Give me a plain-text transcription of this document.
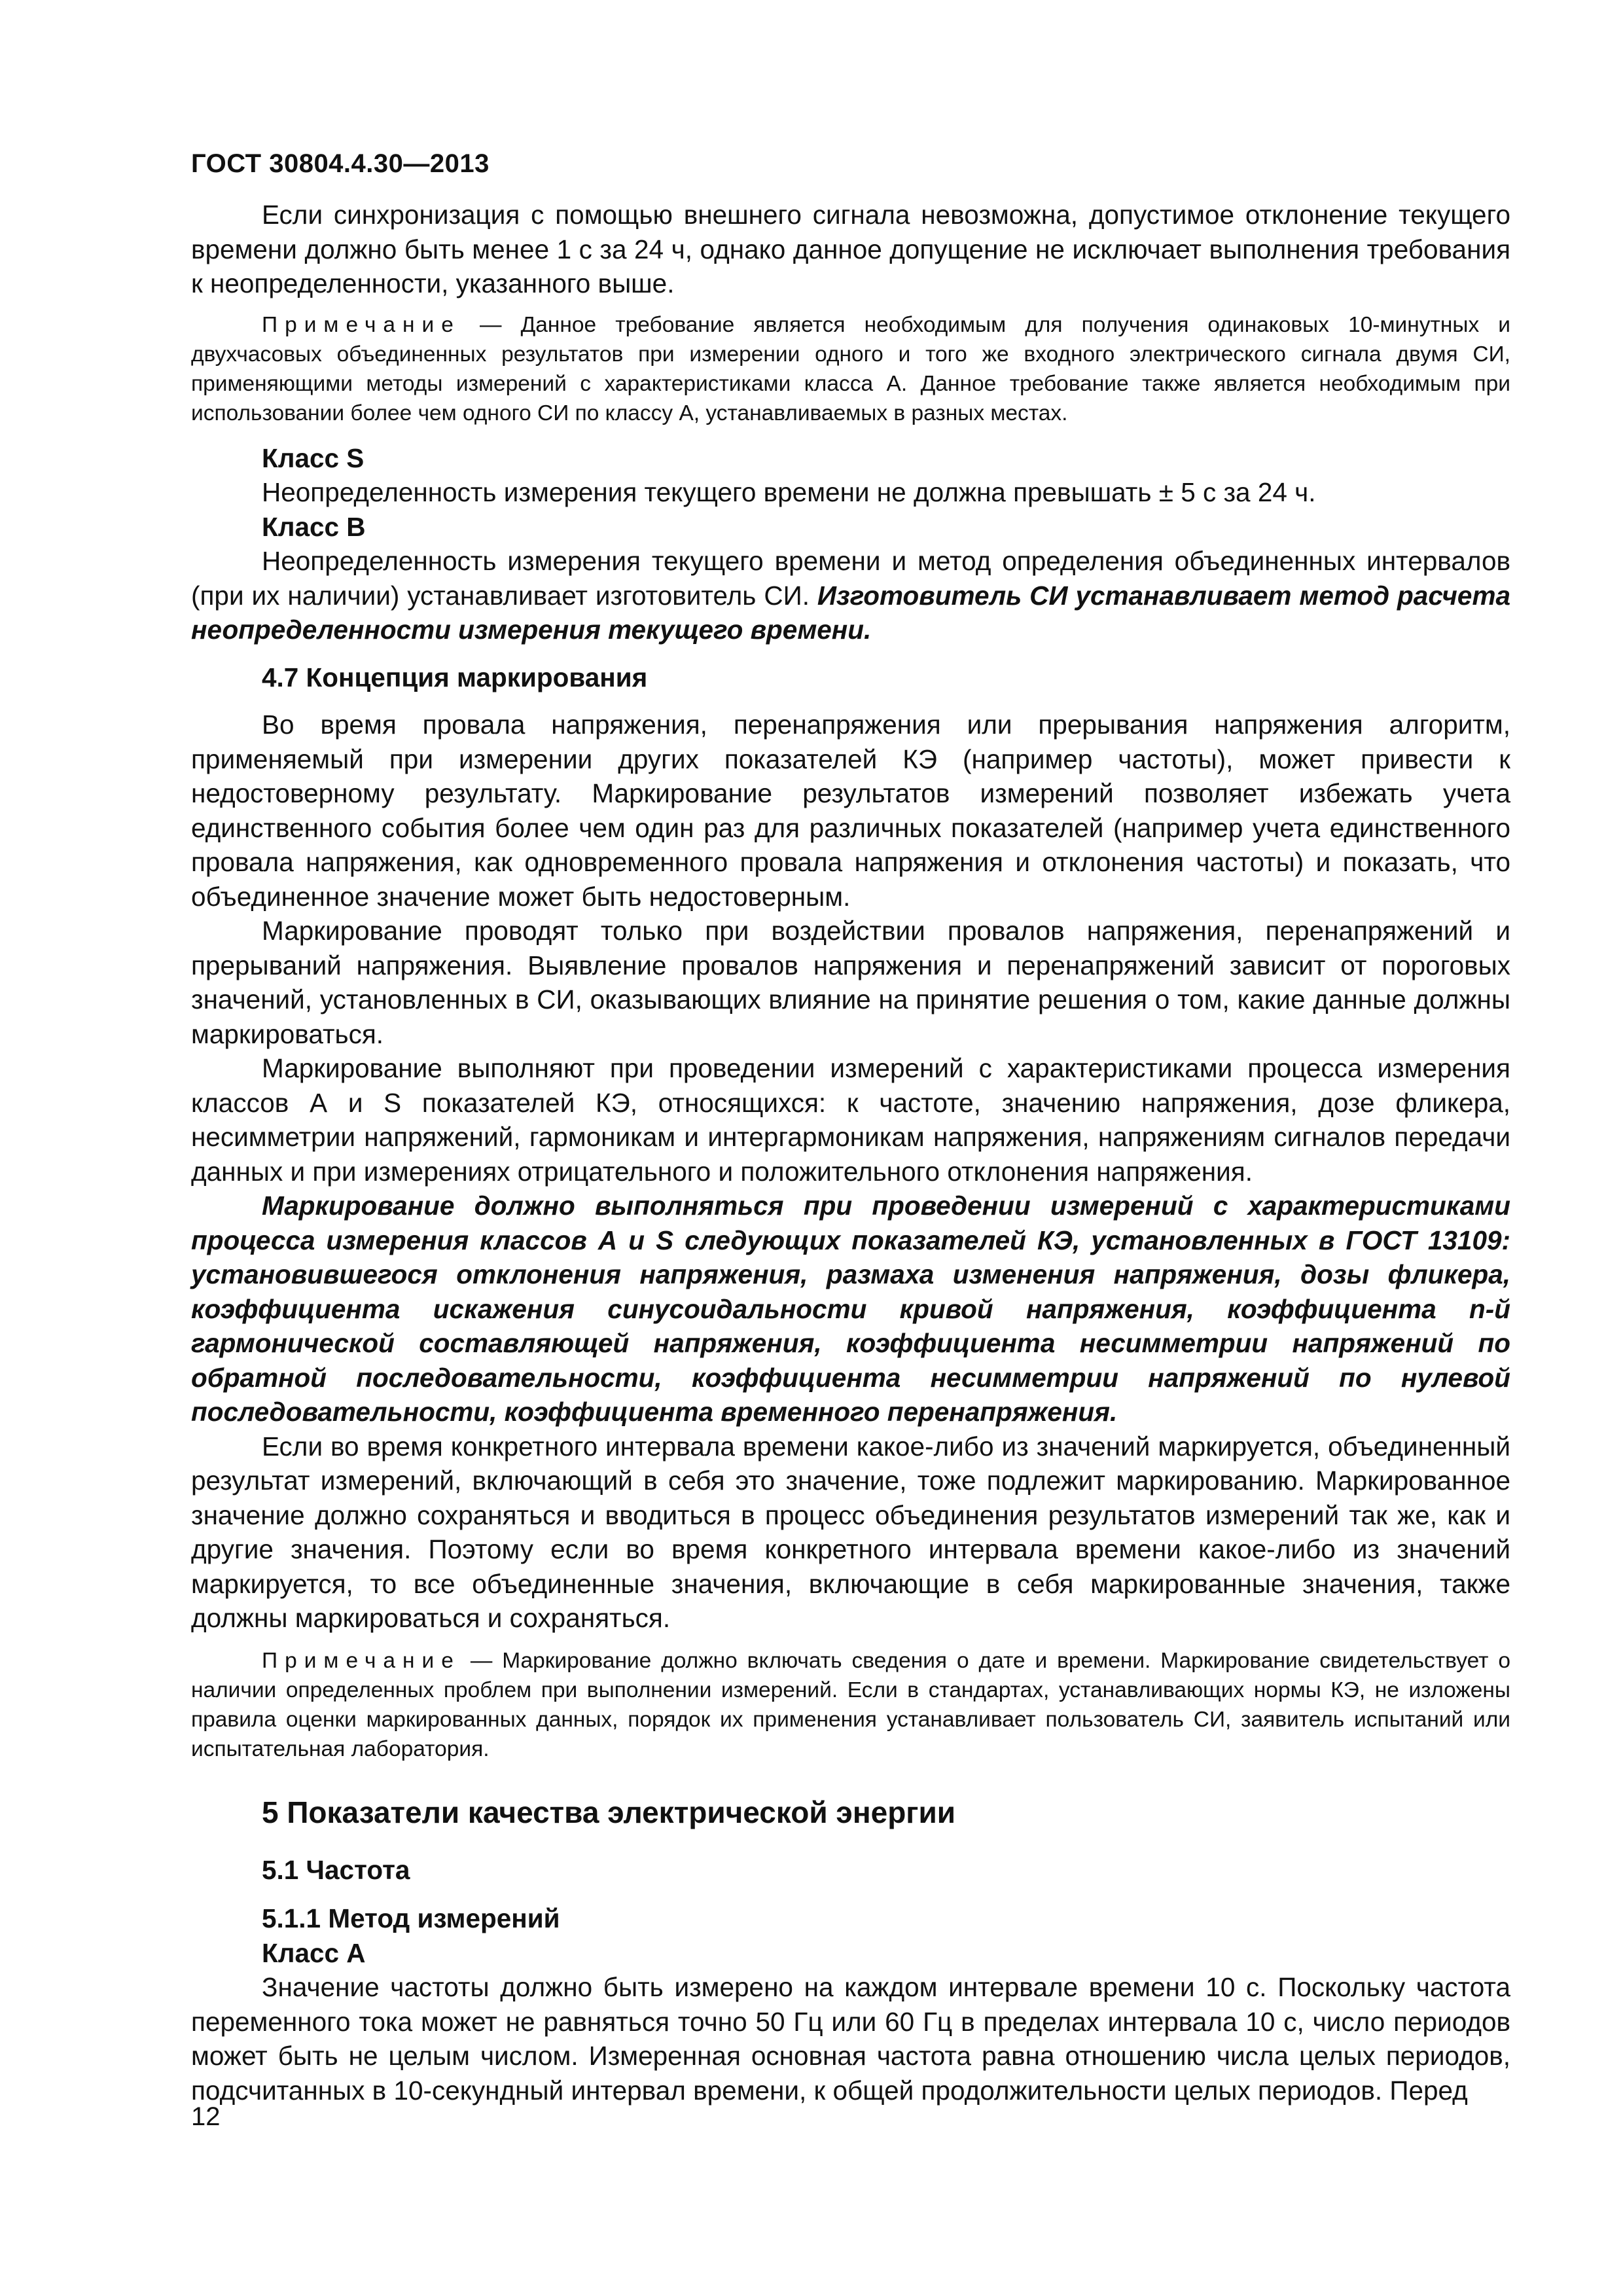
ГОСТ 30804.4.30—2013

Если синхронизация с помощью внешнего сигнала невозможна, допустимое отклонение текущего времени должно быть менее 1 с за 24 ч, однако данное допущение не исключает выполнения требования к неопределенности, указанного выше.

Примечание — Данное требование является необходимым для получения одинаковых 10-минутных и двухчасовых объединенных результатов при измерении одного и того же входного электрического сигнала двумя СИ, применяющими методы измерений с характеристиками класса А. Данное требование также является необходимым при использовании более чем одного СИ по классу А, устанавливаемых в разных местах.

Класс S

Неопределенность измерения текущего времени не должна превышать ± 5 с за 24 ч.

Класс В

Неопределенность измерения текущего времени и метод определения объединенных интервалов (при их наличии) устанавливает изготовитель СИ. Изготовитель СИ устанавливает метод расчета неопределенности измерения текущего времени.

4.7 Концепция маркирования

Во время провала напряжения, перенапряжения или прерывания напряжения алгоритм, применяемый при измерении других показателей КЭ (например частоты), может привести к недостоверному результату. Маркирование результатов измерений позволяет избежать учета единственного события более чем один раз для различных показателей (например учета единственного провала напряжения, как одновременного провала напряжения и отклонения частоты) и показать, что объединенное значение может быть недостоверным.

Маркирование проводят только при воздействии провалов напряжения, перенапряжений и прерываний напряжения. Выявление провалов напряжения и перенапряжений зависит от пороговых значений, установленных в СИ, оказывающих влияние на принятие решения о том, какие данные должны маркироваться.

Маркирование выполняют при проведении измерений с характеристиками процесса измерения классов А и S показателей КЭ, относящихся: к частоте, значению напряжения, дозе фликера, несимметрии напряжений, гармоникам и интергармоникам напряжения, напряжениям сигналов передачи данных и при измерениях отрицательного и положительного отклонения напряжения.

Маркирование должно выполняться при проведении измерений с характеристиками процесса измерения классов А и S следующих показателей КЭ, установленных в ГОСТ 13109: установившегося отклонения напряжения, размаха изменения напряжения, дозы фликера, коэффициента искажения синусоидальности кривой напряжения, коэффициента n-й гармонической составляющей напряжения, коэффициента несимметрии напряжений по обратной последовательности, коэффициента несимметрии напряжений по нулевой последовательности, коэффициента временного перенапряжения.

Если во время конкретного интервала времени какое-либо из значений маркируется, объединенный результат измерений, включающий в себя это значение, тоже подлежит маркированию. Маркированное значение должно сохраняться и вводиться в процесс объединения результатов измерений так же, как и другие значения. Поэтому если во время конкретного интервала времени какое-либо из значений маркируется, то все объединенные значения, включающие в себя маркированные значения, также должны маркироваться и сохраняться.

Примечание — Маркирование должно включать сведения о дате и времени. Маркирование свидетельствует о наличии определенных проблем при выполнении измерений. Если в стандартах, устанавливающих нормы КЭ, не изложены правила оценки маркированных данных, порядок их применения устанавливает пользователь СИ, заявитель испытаний или испытательная лаборатория.

5 Показатели качества электрической энергии

5.1 Частота

5.1.1 Метод измерений

Класс А

Значение частоты должно быть измерено на каждом интервале времени 10 с. Поскольку частота переменного тока может не равняться точно 50 Гц или 60 Гц в пределах интервала 10 с, число периодов может быть не целым числом. Измеренная основная частота равна отношению числа целых периодов, подсчитанных в 10-секундный интервал времени, к общей продолжительности целых периодов. Перед

12
